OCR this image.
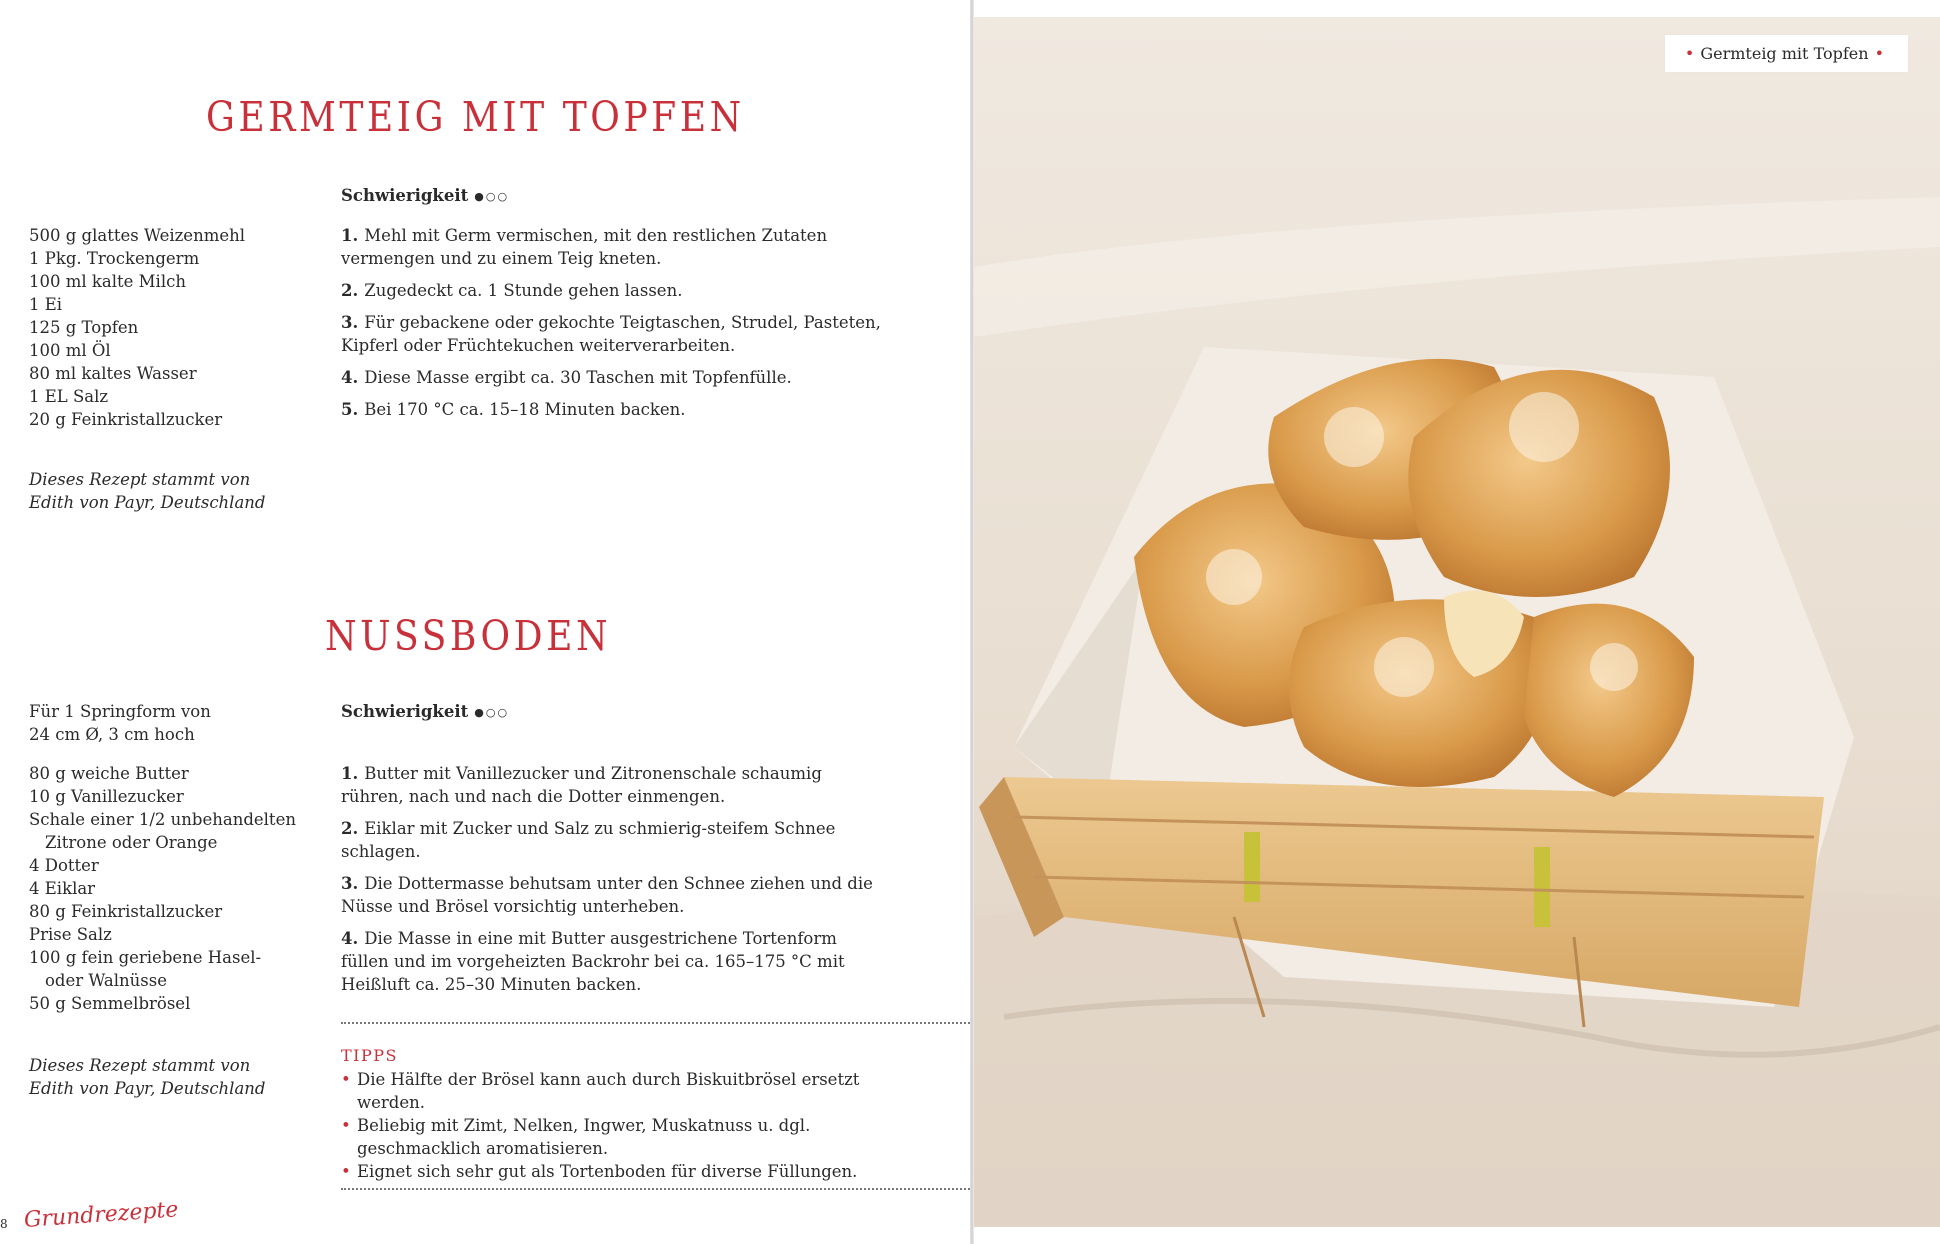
GERMTEIG MIT TOPFEN
Schwierigkeit ●○○
500 g glattes Weizenmehl
1 Pkg. Trockengerm
100 ml kalte Milch
1 Ei
125 g Topfen
100 ml Öl
80 ml kaltes Wasser
1 EL Salz
20 g Feinkristallzucker
Dieses Rezept stammt von
Edith von Payr, Deutschland
1. Mehl mit Germ vermischen, mit den restlichen Zutaten vermengen und zu einem Teig kneten.
2. Zugedeckt ca. 1 Stunde gehen lassen.
3. Für gebackene oder gekochte Teigtaschen, Strudel, Pasteten, Kipferl oder Früchtekuchen weiterverarbeiten.
4. Diese Masse ergibt ca. 30 Taschen mit Topfenfülle.
5. Bei 170 °C ca. 15–18 Minuten backen.
NUSSBODEN
Schwierigkeit ●○○
Für 1 Springform von
24 cm Ø, 3 cm hoch
80 g weiche Butter
10 g Vanillezucker
Schale einer 1/2 unbehandelten Zitrone oder Orange
4 Dotter
4 Eiklar
80 g Feinkristallzucker
Prise Salz
100 g fein geriebene Hasel- oder Walnüsse
50 g Semmelbrösel
Dieses Rezept stammt von
Edith von Payr, Deutschland
1. Butter mit Vanillezucker und Zitronenschale schaumig rühren, nach und nach die Dotter einmengen.
2. Eiklar mit Zucker und Salz zu schmierig-steifem Schnee schlagen.
3. Die Dottermasse behutsam unter den Schnee ziehen und die Nüsse und Brösel vorsichtig unterheben.
4. Die Masse in eine mit Butter ausgestrichene Tortenform füllen und im vorgeheizten Backrohr bei ca. 165–175 °C mit Heißluft ca. 25–30 Minuten backen.
TIPPS
• Die Hälfte der Brösel kann auch durch Biskuitbrösel ersetzt werden.
• Beliebig mit Zimt, Nelken, Ingwer, Muskatnuss u. dgl. geschmacklich aromatisieren.
• Eignet sich sehr gut als Tortenboden für diverse Füllungen.
8 Grundrezepte
• Germteig mit Topfen •
